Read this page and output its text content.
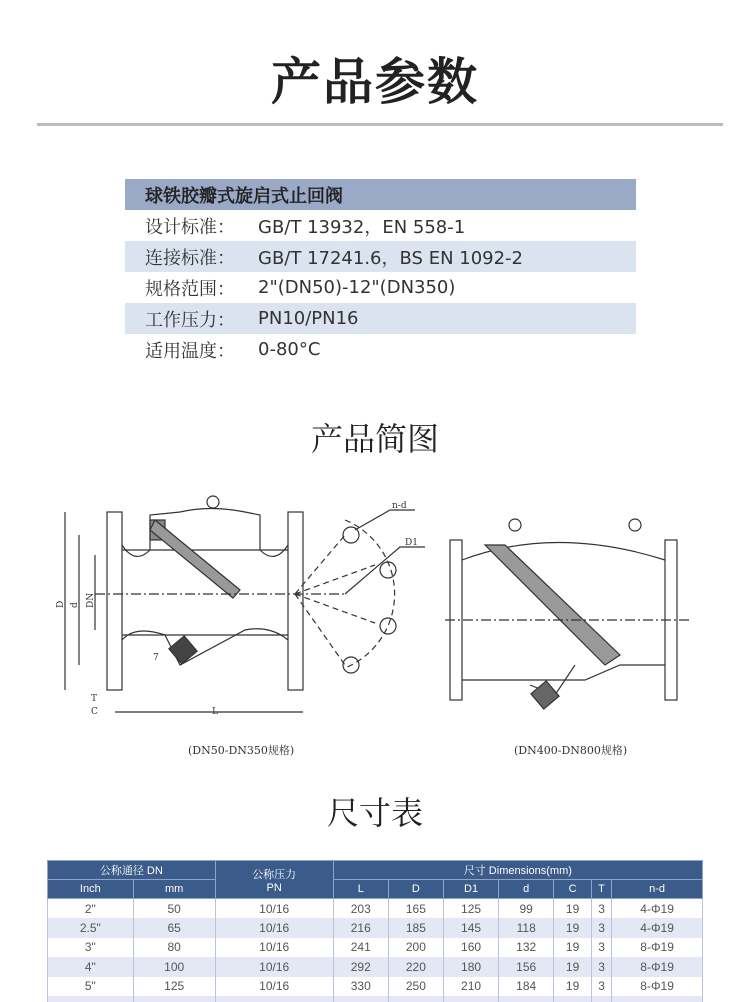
产品参数
球铁胶瓣式旋启式止回阀
设计标准：	GB/T 13932，EN 558-1
连接标准：	GB/T 17241.6，BS EN 1092-2
规格范围：	2"(DN50)-12"(DN350)
工作压力：	PN10/PN16
适用温度：	0-80°C
产品简图
D d DN
T
C	L
7
n-d
D1
(DN50-DN350规格)	(DN400-DN800规格)
尺寸表
公称通径 DN		公称压力
PN	尺寸 Dimensions(mm)						
Inch	mm		L	D	D1	d	C	T	n-d
2"	50	10/16	203	165	125	99	19	3	4-Φ19
2.5"	65	10/16	216	185	145	118	19	3	4-Φ19
3"	80	10/16	241	200	160	132	19	3	8-Φ19
4"	100	10/16	292	220	180	156	19	3	8-Φ19
5"	125	10/16	330	250	210	184	19	3	8-Φ19
